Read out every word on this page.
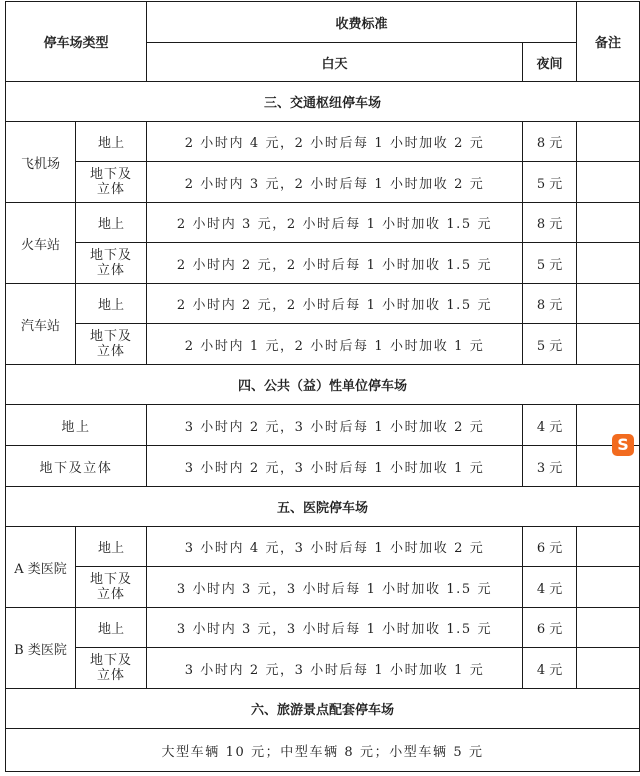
停车场类型		收费标准		备注
		白天	夜间	
三、交通枢纽停车场				
飞机场	地上	2 小时内 4 元，2 小时后每 1 小时加收 2 元	8 元	

	地下及立体	2 小时内 3 元，2 小时后每 1 小时加收 2 元	5 元	
火车站	地上	2 小时内 3 元，2 小时后每 1 小时加收 1.5 元	8 元	

	地下及立体	2 小时内 2 元，2 小时后每 1 小时加收 1.5 元	5 元	
汽车站	地上	2 小时内 2 元，2 小时后每 1 小时加收 1.5 元	8 元	

	地下及立体	2 小时内 1 元，2 小时后每 1 小时加收 1 元	5 元	
四、公共（益）性单位停车场				
地上		3 小时内 2 元，3 小时后每 1 小时加收 2 元	4 元	
地下及立体		3 小时内 2 元，3 小时后每 1 小时加收 1 元	3 元	
五、医院停车场				
A 类医院	地上	3 小时内 4 元，3 小时后每 1 小时加收 2 元	6 元	

	地下及立体	3 小时内 3 元，3 小时后每 1 小时加收 1.5 元	4 元	
B 类医院	地上	3 小时内 3 元，3 小时后每 1 小时加收 1.5 元	6 元	

	地下及立体	3 小时内 2 元，3 小时后每 1 小时加收 1 元	4 元	
六、旅游景点配套停车场				
大型车辆 10 元；中型车辆 8 元；小型车辆 5 元				
S
